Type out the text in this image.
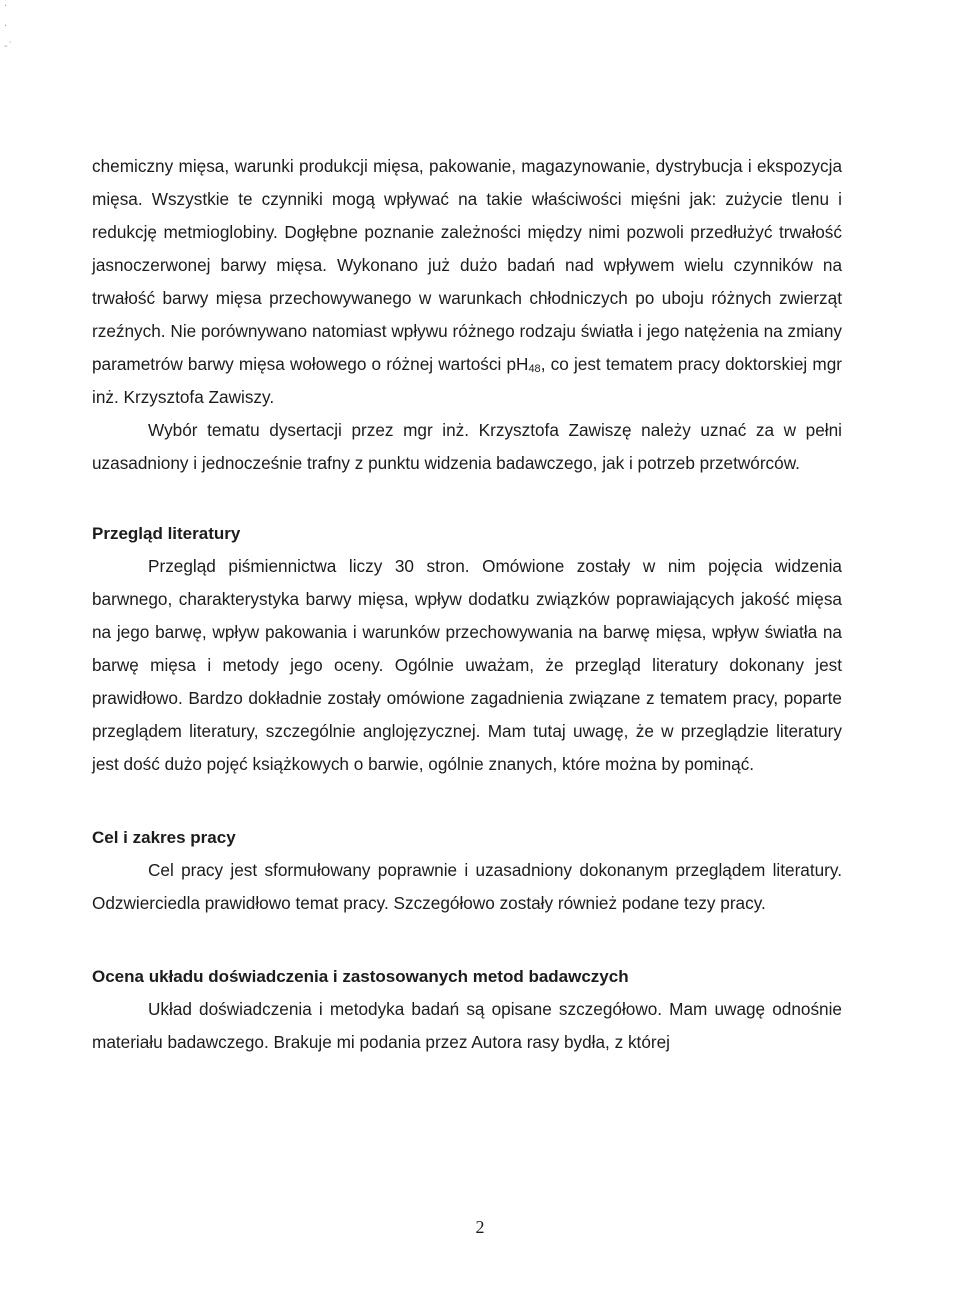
·

·

-˙

chemiczny mięsa, warunki produkcji mięsa, pakowanie, magazynowanie, dystrybucja i ekspozycja mięsa. Wszystkie te czynniki mogą wpływać na takie właściwości mięśni jak: zużycie tlenu i redukcję metmioglobiny. Dogłębne poznanie zależności między nimi pozwoli przedłużyć trwałość jasnoczerwonej barwy mięsa. Wykonano już dużo badań nad wpływem wielu czynników na trwałość barwy mięsa przechowywanego w warunkach chłodniczych po uboju różnych zwierząt rzeźnych. Nie porównywano natomiast wpływu różnego rodzaju światła i jego natężenia na zmiany parametrów barwy mięsa wołowego o różnej wartości $pH_{48}$, co jest tematem pracy doktorskiej mgr inż. Krzysztofa Zawiszy.

Wybór tematu dysertacji przez mgr inż. Krzysztofa Zawiszę należy uznać za w pełni uzasadniony i jednocześnie trafny z punktu widzenia badawczego, jak i potrzeb przetwórców.

Przegląd literatury

Przegląd piśmiennictwa liczy 30 stron. Omówione zostały w nim pojęcia widzenia barwnego, charakterystyka barwy mięsa, wpływ dodatku związków poprawiających jakość mięsa na jego barwę, wpływ pakowania i warunków przechowywania na barwę mięsa, wpływ światła na barwę mięsa i metody jego oceny. Ogólnie uważam, że przegląd literatury dokonany jest prawidłowo. Bardzo dokładnie zostały omówione zagadnienia związane z tematem pracy, poparte przeglądem literatury, szczególnie anglojęzycznej. Mam tutaj uwagę, że w przeglądzie literatury jest dość dużo pojęć książkowych o barwie, ogólnie znanych, które można by pominąć.

Cel i zakres pracy

Cel pracy jest sformułowany poprawnie i uzasadniony dokonanym przeglądem literatury. Odzwierciedla prawidłowo temat pracy. Szczegółowo zostały również podane tezy pracy.

Ocena układu doświadczenia i zastosowanych metod badawczych

Układ doświadczenia i metodyka badań są opisane szczegółowo. Mam uwagę odnośnie materiału badawczego. Brakuje mi podania przez Autora rasy bydła, z której

2
